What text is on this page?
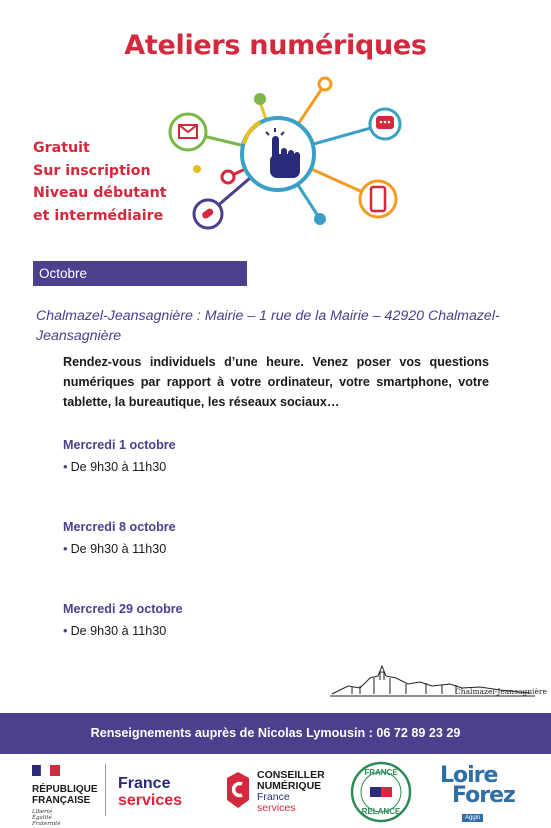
Ateliers numériques
Gratuit
Sur inscription
Niveau débutant
et intermédiaire
Octobre
Chalmazel-Jeansagnière : Mairie – 1 rue de la Mairie – 42920 Chalmazel-Jeansagnière
Rendez-vous individuels d’une heure. Venez poser vos questions numériques par rapport à votre ordinateur, votre smartphone, votre tablette, la bureautique, les réseaux sociaux…
Mercredi 1 octobre
• De 9h30 à 11h30
Mercredi 8 octobre
• De 9h30 à 11h30
Mercredi 29 octobre
• De 9h30 à 11h30
Chalmazel-Jeansagnière
Renseignements auprès de Nicolas Lymousin : 06 72 89 23 29
RÉPUBLIQUE
FRANÇAISE
Liberté
Égalité
Fraternité
France
services
CONSEILLER
NUMÉRIQUE
France
services
FRANCE
RELANCE
Loire
Forez
Agglo
